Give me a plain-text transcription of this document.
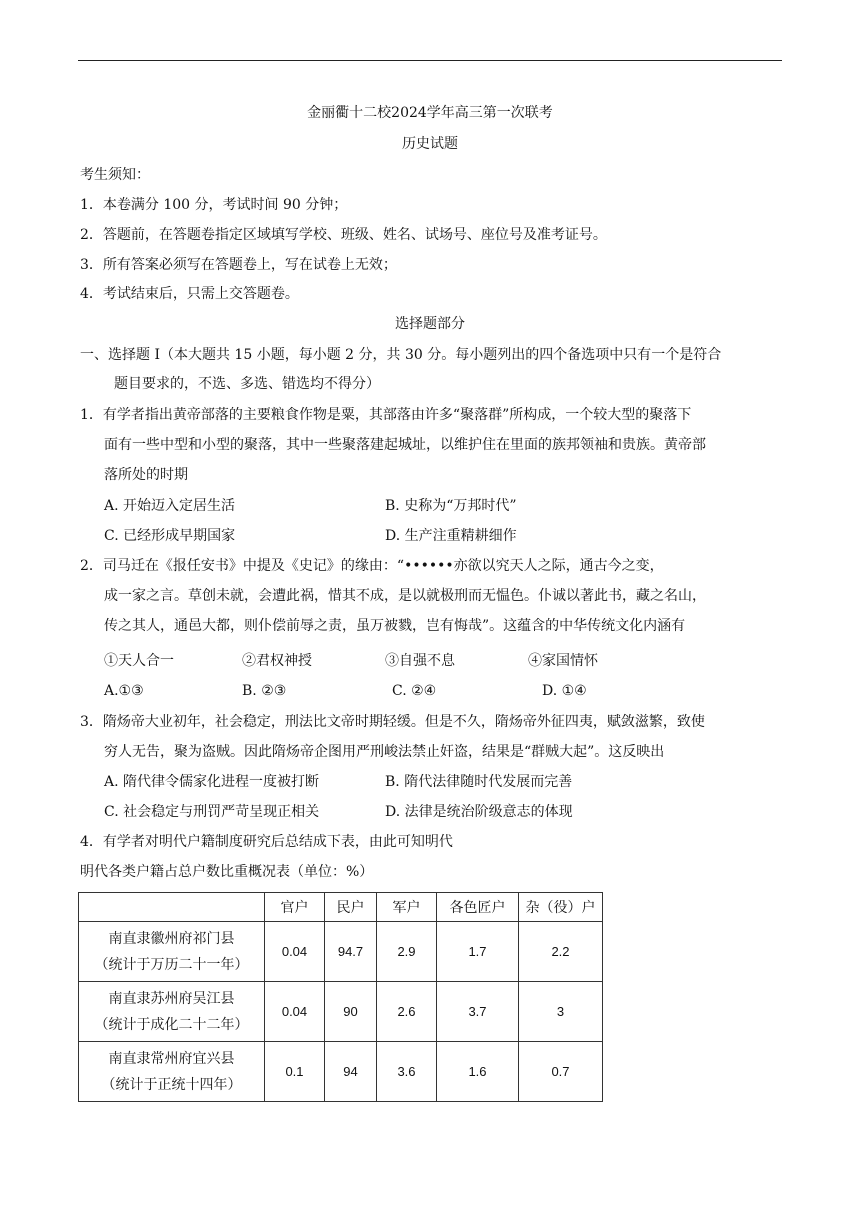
金丽衢十二校2024学年高三第一次联考
历史试题
考生须知：
1．本卷满分 100 分，考试时间 90 分钟；
2．答题前，在答题卷指定区域填写学校、班级、姓名、试场号、座位号及准考证号。
3．所有答案必须写在答题卷上，写在试卷上无效；
4．考试结束后，只需上交答题卷。
选择题部分
一、选择题 I（本大题共 15 小题，每小题 2 分，共 30 分。每小题列出的四个备选项中只有一个是符合
题目要求的，不选、多选、错选均不得分）
1．有学者指出黄帝部落的主要粮食作物是粟，其部落由许多“聚落群”所构成，一个较大型的聚落下
面有一些中型和小型的聚落，其中一些聚落建起城址，以维护住在里面的族邦领袖和贵族。黄帝部
落所处的时期
A. 开始迈入定居生活	B. 史称为“万邦时代”
C. 已经形成早期国家	D. 生产注重精耕细作
2．司马迁在《报任安书》中提及《史记》的缘由：“••••••亦欲以究天人之际，通古今之变，
成一家之言。草创未就，会遭此祸，惜其不成，是以就极刑而无愠色。仆诚以著此书，藏之名山，
传之其人，通邑大都，则仆偿前辱之责，虽万被戮，岂有悔哉”。这蕴含的中华传统文化内涵有
①天人合一	②君权神授	③自强不息	④家国情怀
A.①③	B. ②③	C. ②④	D. ①④
3．隋炀帝大业初年，社会稳定，刑法比文帝时期轻缓。但是不久，隋炀帝外征四夷，赋敛滋繁，致使
穷人无告，聚为盗贼。因此隋炀帝企图用严刑峻法禁止奸盗，结果是“群贼大起”。这反映出
A. 隋代律令儒家化进程一度被打断	B. 隋代法律随时代发展而完善
C. 社会稳定与刑罚严苛呈现正相关	D. 法律是统治阶级意志的体现
4．有学者对明代户籍制度研究后总结成下表，由此可知明代
明代各类户籍占总户数比重概况表（单位：%）
	官户	民户	军户	各色匠户	杂（役）户

南直隶徽州府祁门县
（统计于万历二十一年）	0.04	94.7	2.9	1.7	2.2

南直隶苏州府吴江县
（统计于成化二十二年）	0.04	90	2.6	3.7	3

南直隶常州府宜兴县
（统计于正统十四年）	0.1	94	3.6	1.6	0.7
